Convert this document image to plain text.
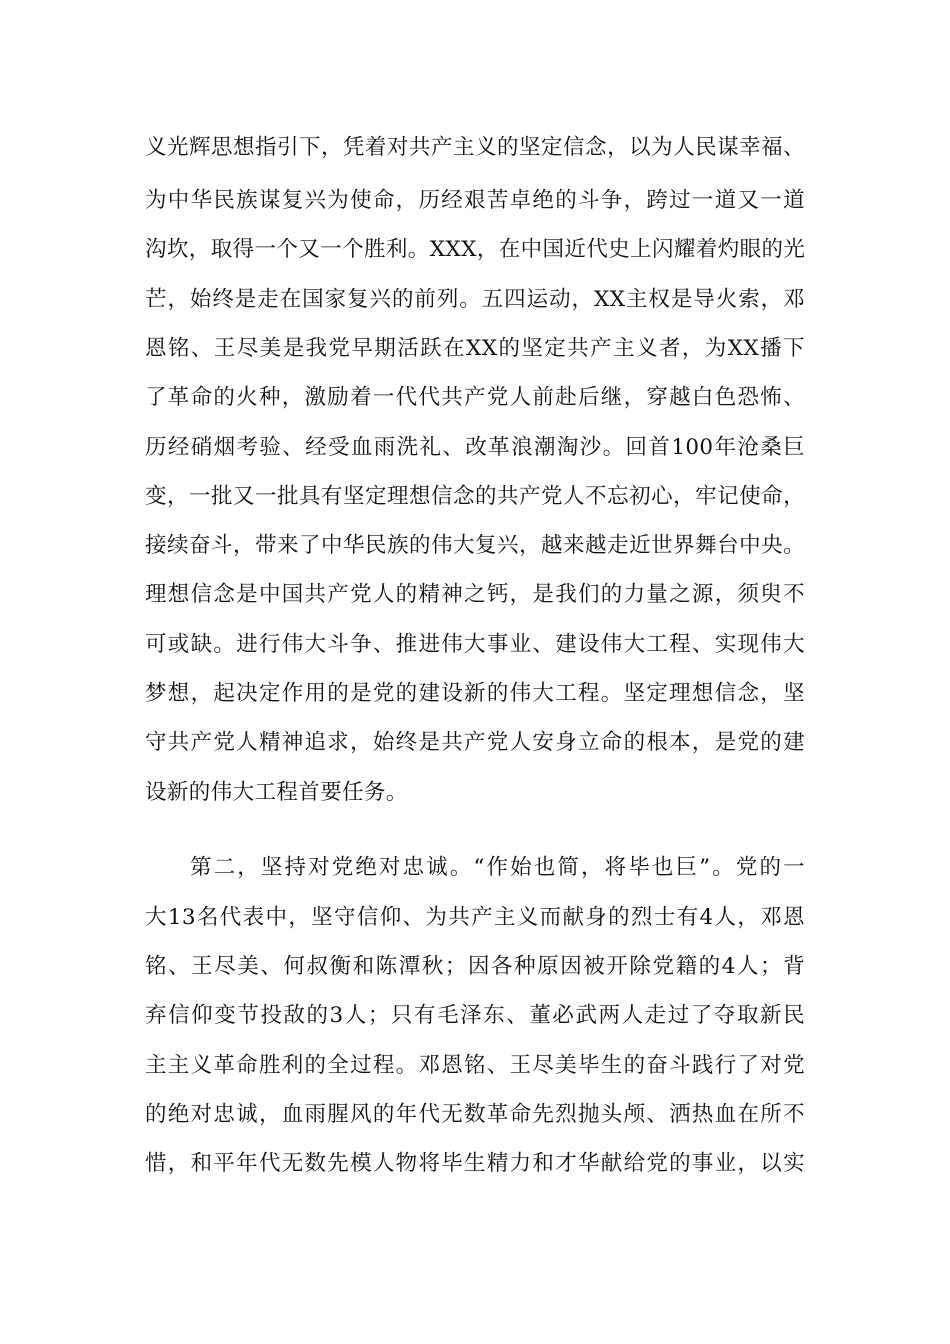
义光辉思想指引下，凭着对共产主义的坚定信念，以为人民谋幸福、
为中华民族谋复兴为使命，历经艰苦卓绝的斗争，跨过一道又一道
沟坎，取得一个又一个胜利。XXX，在中国近代史上闪耀着灼眼的光
芒，始终是走在国家复兴的前列。五四运动，XX主权是导火索，邓
恩铭、王尽美是我党早期活跃在XX的坚定共产主义者，为XX播下
了革命的火种，激励着一代代共产党人前赴后继，穿越白色恐怖、
历经硝烟考验、经受血雨洗礼、改革浪潮淘沙。回首100年沧桑巨
变，一批又一批具有坚定理想信念的共产党人不忘初心，牢记使命，
接续奋斗，带来了中华民族的伟大复兴，越来越走近世界舞台中央。
理想信念是中国共产党人的精神之钙，是我们的力量之源，须臾不
可或缺。进行伟大斗争、推进伟大事业、建设伟大工程、实现伟大
梦想，起决定作用的是党的建设新的伟大工程。坚定理想信念，坚
守共产党人精神追求，始终是共产党人安身立命的根本，是党的建
设新的伟大工程首要任务。
第二，坚持对党绝对忠诚。“作始也简，将毕也巨”。党的一
大13名代表中，坚守信仰、为共产主义而献身的烈士有4人，邓恩
铭、王尽美、何叔衡和陈潭秋；因各种原因被开除党籍的4人；背
弃信仰变节投敌的3人；只有毛泽东、董必武两人走过了夺取新民
主主义革命胜利的全过程。邓恩铭、王尽美毕生的奋斗践行了对党
的绝对忠诚，血雨腥风的年代无数革命先烈抛头颅、洒热血在所不
惜，和平年代无数先模人物将毕生精力和才华献给党的事业，以实
